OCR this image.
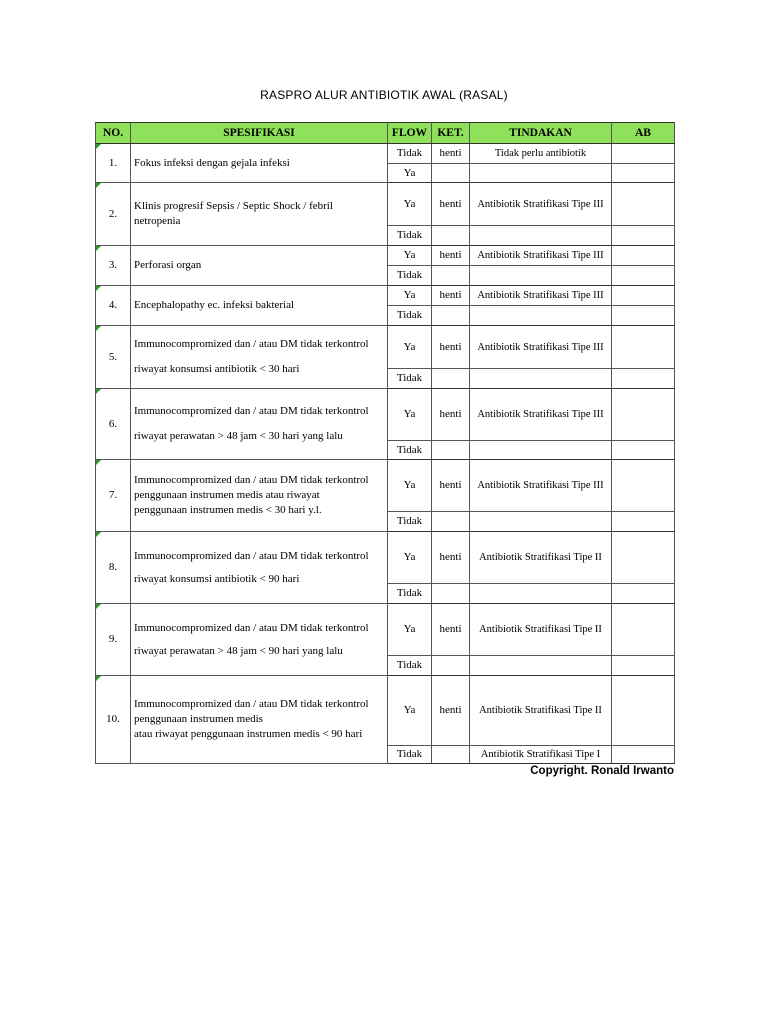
RASPRO ALUR ANTIBIOTIK AWAL (RASAL)
NO.	SPESIFIKASI	FLOW	KET.	TINDAKAN	AB
1.	Fokus infeksi dengan gejala infeksi	Tidak	henti	Tidak perlu antibiotik	
		Ya			
2.	Klinis progresif Sepsis / Septic Shock / febril
netropenia	Ya	henti	Antibiotik Stratifikasi Tipe III	
		Tidak			
3.	Perforasi organ	Ya	henti	Antibiotik Stratifikasi Tipe III	
		Tidak			
4.	Encephalopathy ec. infeksi bakterial	Ya	henti	Antibiotik Stratifikasi Tipe III	
		Tidak			
5.	Immunocompromized dan / atau DM tidak terkontrol
riwayat konsumsi antibiotik < 30 hari	Ya	henti	Antibiotik Stratifikasi Tipe III	
		Tidak			
6.	Immunocompromized dan / atau DM tidak terkontrol
riwayat perawatan > 48 jam < 30 hari yang lalu	Ya	henti	Antibiotik Stratifikasi Tipe III	
		Tidak			
7.	Immunocompromized dan / atau DM tidak terkontrol
penggunaan instrumen medis atau riwayat
penggunaan instrumen medis < 30 hari y.l.	Ya	henti	Antibiotik Stratifikasi Tipe III	
		Tidak			
8.	Immunocompromized dan / atau DM tidak terkontrol
riwayat konsumsi antibiotik < 90 hari	Ya	henti	Antibiotik Stratifikasi Tipe II	
		Tidak			
9.	Immunocompromized dan / atau DM tidak terkontrol
riwayat perawatan > 48 jam < 90 hari yang lalu	Ya	henti	Antibiotik Stratifikasi Tipe II	
		Tidak			
10.	Immunocompromized dan / atau DM tidak terkontrol
penggunaan instrumen medis
atau riwayat penggunaan instrumen medis < 90 hari	Ya	henti	Antibiotik Stratifikasi Tipe II	
		Tidak		Antibiotik Stratifikasi Tipe I	
Copyright. Ronald Irwanto
